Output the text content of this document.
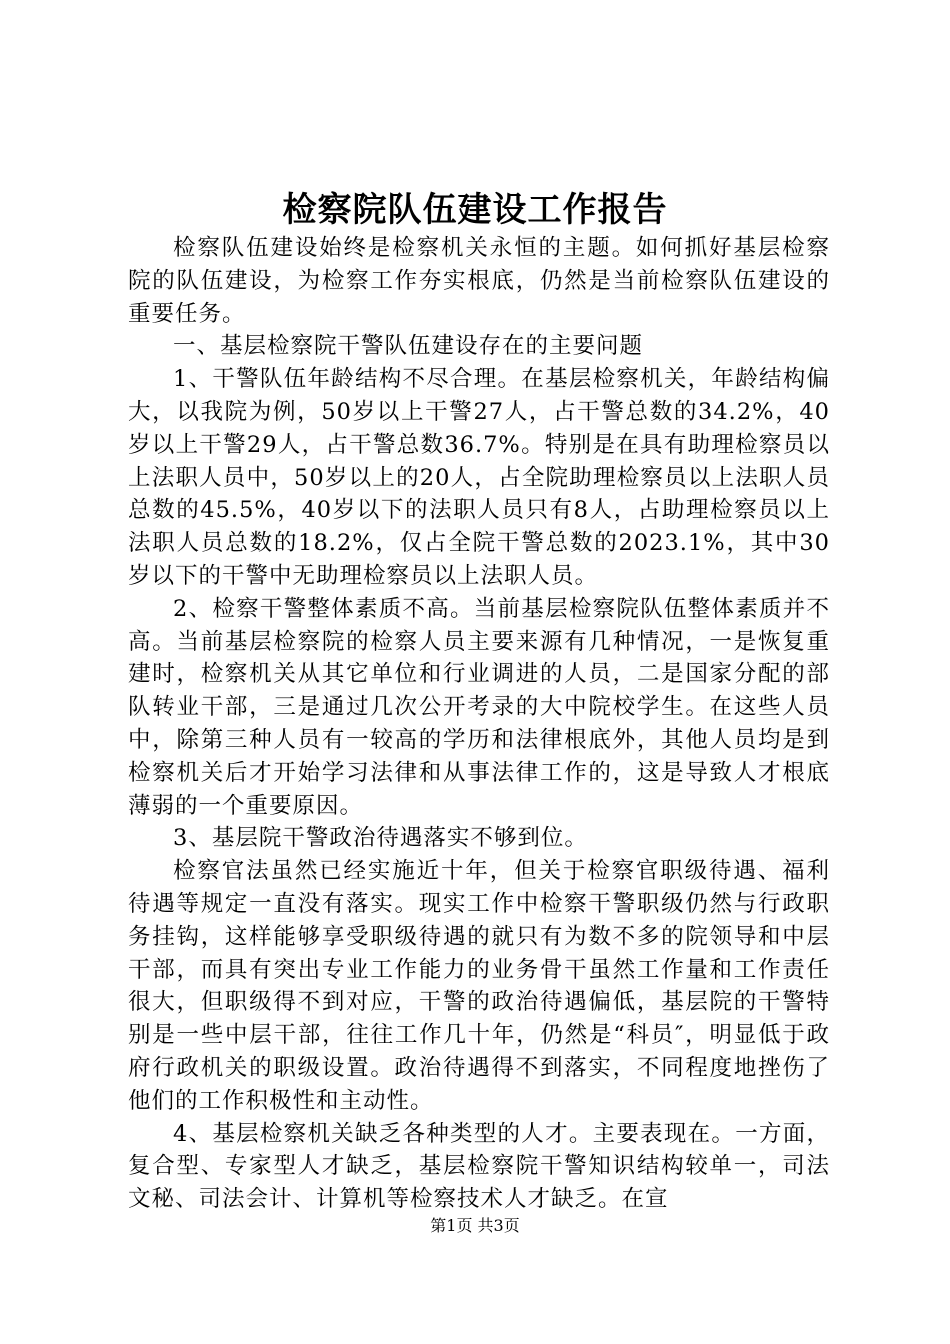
检察院队伍建设工作报告

检察队伍建设始终是检察机关永恒的主题。如何抓好基层检察院的队伍建设，为检察工作夯实根底，仍然是当前检察队伍建设的重要任务。

一、基层检察院干警队伍建设存在的主要问题

1、干警队伍年龄结构不尽合理。在基层检察机关，年龄结构偏大，以我院为例，50岁以上干警27人，占干警总数的34.2%，40岁以上干警29人，占干警总数36.7%。特别是在具有助理检察员以上法职人员中，50岁以上的20人，占全院助理检察员以上法职人员总数的45.5%，40岁以下的法职人员只有8人，占助理检察员以上法职人员总数的18.2%，仅占全院干警总数的2023.1%，其中30岁以下的干警中无助理检察员以上法职人员。

2、检察干警整体素质不高。当前基层检察院队伍整体素质并不高。当前基层检察院的检察人员主要来源有几种情况，一是恢复重建时，检察机关从其它单位和行业调进的人员，二是国家分配的部队转业干部，三是通过几次公开考录的大中院校学生。在这些人员中，除第三种人员有一较高的学历和法律根底外，其他人员均是到检察机关后才开始学习法律和从事法律工作的，这是导致人才根底薄弱的一个重要原因。

3、基层院干警政治待遇落实不够到位。

检察官法虽然已经实施近十年，但关于检察官职级待遇、福利待遇等规定一直没有落实。现实工作中检察干警职级仍然与行政职务挂钩，这样能够享受职级待遇的就只有为数不多的院领导和中层干部，而具有突出专业工作能力的业务骨干虽然工作量和工作责任很大，但职级得不到对应，干警的政治待遇偏低，基层院的干警特别是一些中层干部，往往工作几十年，仍然是“科员″，明显低于政府行政机关的职级设置。政治待遇得不到落实，不同程度地挫伤了他们的工作积极性和主动性。

4、基层检察机关缺乏各种类型的人才。主要表现在。一方面，复合型、专家型人才缺乏，基层检察院干警知识结构较单一，司法文秘、司法会计、计算机等检察技术人才缺乏。在宣

第1页 共3页
